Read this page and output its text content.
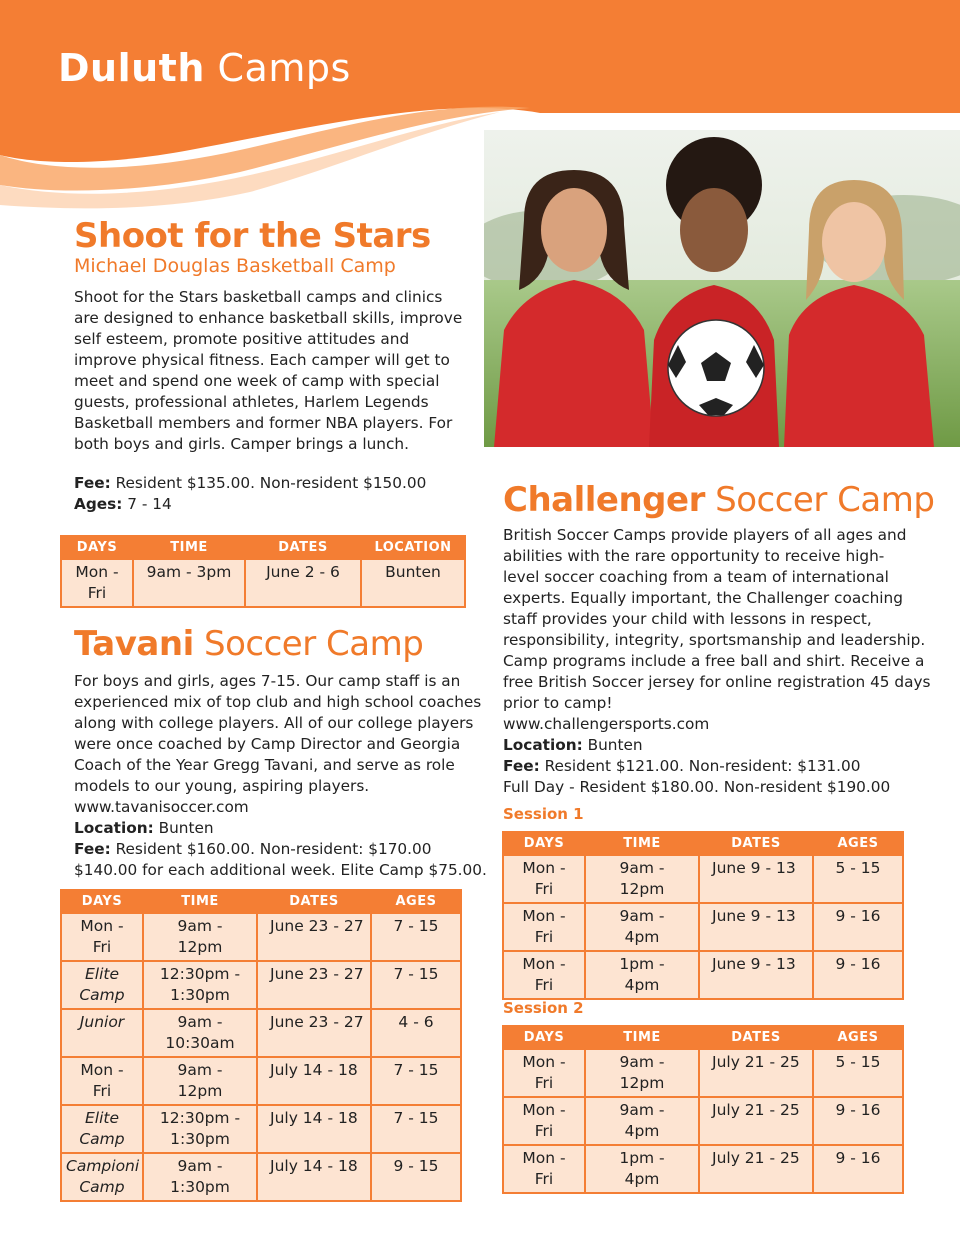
Duluth Camps
Shoot for the Stars
Michael Douglas Basketball Camp
Shoot for the Stars basketball camps and clinics
are designed to enhance basketball skills, improve
self esteem, promote positive attitudes and
improve physical fitness. Each camper will get to
meet and spend one week of camp with special
guests, professional athletes, Harlem Legends
Basketball members and former NBA players. For
both boys and girls. Camper brings a lunch.
Fee: Resident $135.00. Non-resident $150.00
Ages: 7 - 14
DAYS	TIME	DATES	LOCATION

Mon -
Fri	9am - 3pm	June 2 - 6	Bunten
Tavani Soccer Camp
For boys and girls, ages 7-15. Our camp staff is an
experienced mix of top club and high school coaches
along with college players. All of our college players
were once coached by Camp Director and Georgia
Coach of the Year Gregg Tavani, and serve as role
models to our young, aspiring players.
www.tavanisoccer.com
Location: Bunten
Fee: Resident $160.00. Non-resident: $170.00
$140.00 for each additional week. Elite Camp $75.00.
DAYS	TIME	DATES	AGES

Mon -
Fri	9am -
12pm	June 23 - 27	7 - 15

Elite
Camp	12:30pm -
1:30pm	June 23 - 27	7 - 15

Junior	9am -
10:30am	June 23 - 27	4 - 6

Mon -
Fri	9am -
12pm	July 14 - 18	7 - 15

Elite
Camp	12:30pm -
1:30pm	July 14 - 18	7 - 15

Campioni
Camp	9am -
1:30pm	July 14 - 18	9 - 15
Challenger Soccer Camp
British Soccer Camps provide players of all ages and
abilities with the rare opportunity to receive high-
level soccer coaching from a team of international
experts. Equally important, the Challenger coaching
staff provides your child with lessons in respect,
responsibility, integrity, sportsmanship and leadership.
Camp programs include a free ball and shirt. Receive a
free British Soccer jersey for online registration 45 days
prior to camp!
www.challengersports.com
Location: Bunten
Fee: Resident $121.00. Non-resident: $131.00
Full Day - Resident $180.00. Non-resident $190.00
Session 1
DAYS	TIME	DATES	AGES

Mon -
Fri	9am -
12pm	June 9 - 13	5 - 15

Mon -
Fri	9am -
4pm	June 9 - 13	9 - 16

Mon -
Fri	1pm -
4pm	June 9 - 13	9 - 16
Session 2
DAYS	TIME	DATES	AGES

Mon -
Fri	9am -
12pm	July 21 - 25	5 - 15

Mon -
Fri	9am -
4pm	July 21 - 25	9 - 16

Mon -
Fri	1pm -
4pm	July 21 - 25	9 - 16
